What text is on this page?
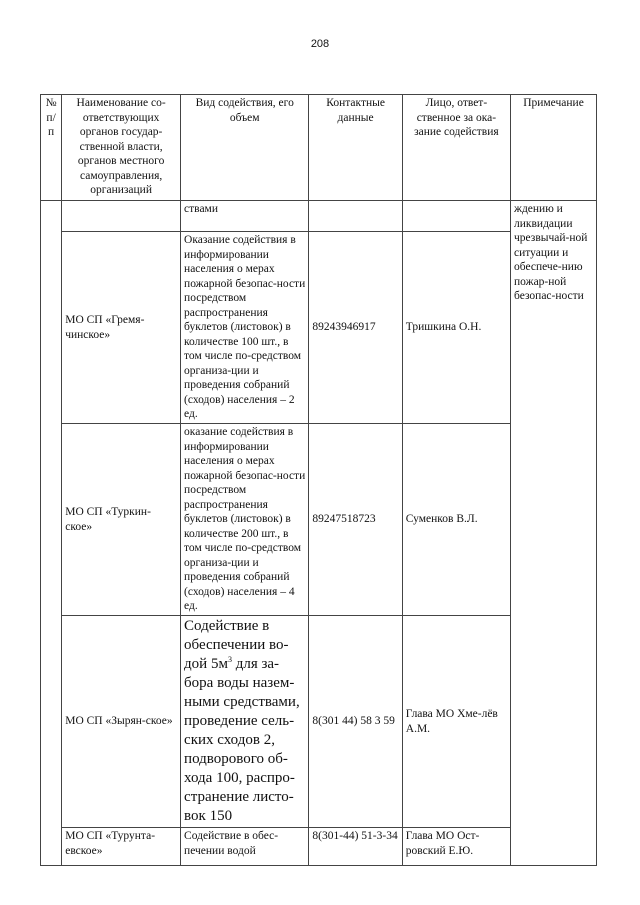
208
№ п/п	Наименование со-ответствующих органов государ-ственной власти, органов местного самоуправления, организаций	Вид содействия, его объем	Контактные данные	Лицо, ответ-ственное за ока-зание содействия	Примечание
		ствами			ждению и ликвидации чрезвычай-ной ситуации и обеспече-нию пожар-ной безопас-ности
	МО СП «Гремя-чинское»	Оказание содействия в информировании населения о мерах пожарной безопас-ности посредством распространения буклетов (листовок) в количестве 100 шт., в том числе по-средством организа-ции и проведения собраний (сходов) населения – 2 ед.	89243946917	Тришкина О.Н.	
	МО СП «Туркин-ское»	оказание содействия в информировании населения о мерах пожарной безопас-ности посредством распространения буклетов (листовок) в количестве 200 шт., в том числе по-средством организа-ции и проведения собраний (сходов) населения – 4 ед.	89247518723	Суменков В.Л.	
	МО СП «Зырян-ское»	Содействие в обеспечении во-дой $5м^3$ для за-бора воды назем-ными средствами, проведение сель-ских сходов 2, подворового об-хода 100, распро-странение листо-вок 150	8(301 44) 58 3 59	Глава МО Хме-лёв А.М.	
	МО СП «Турунта-евское»	Содействие в обес-печении водой	8(301-44) 51-3-34	Глава МО Ост-ровский Е.Ю.	
